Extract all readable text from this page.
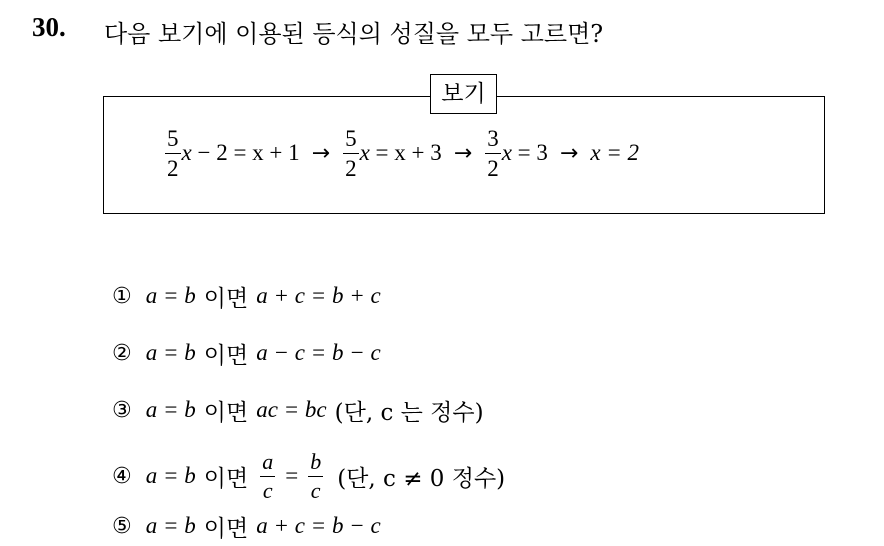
30. 다음 보기에 이용된 등식의 성질을 모두 고르면?
보기
$\frac{5}{2}$ $x - 2 = x + 1 \to \frac{5}{2}$ $x = x + 3 \to \frac{3}{2}$ x = 3 → x = 2
① a = b 이면 a + c = b + c
② a = b 이면 a − c = b − c
③ a = b 이면 ac = bc (단, c 는 정수)
④ a = b 이면 $\frac{a}{c} = \frac{b}{c}$ (단, c ≠ 0 정수)
⑤ a = b 이면 a + c = b − c
